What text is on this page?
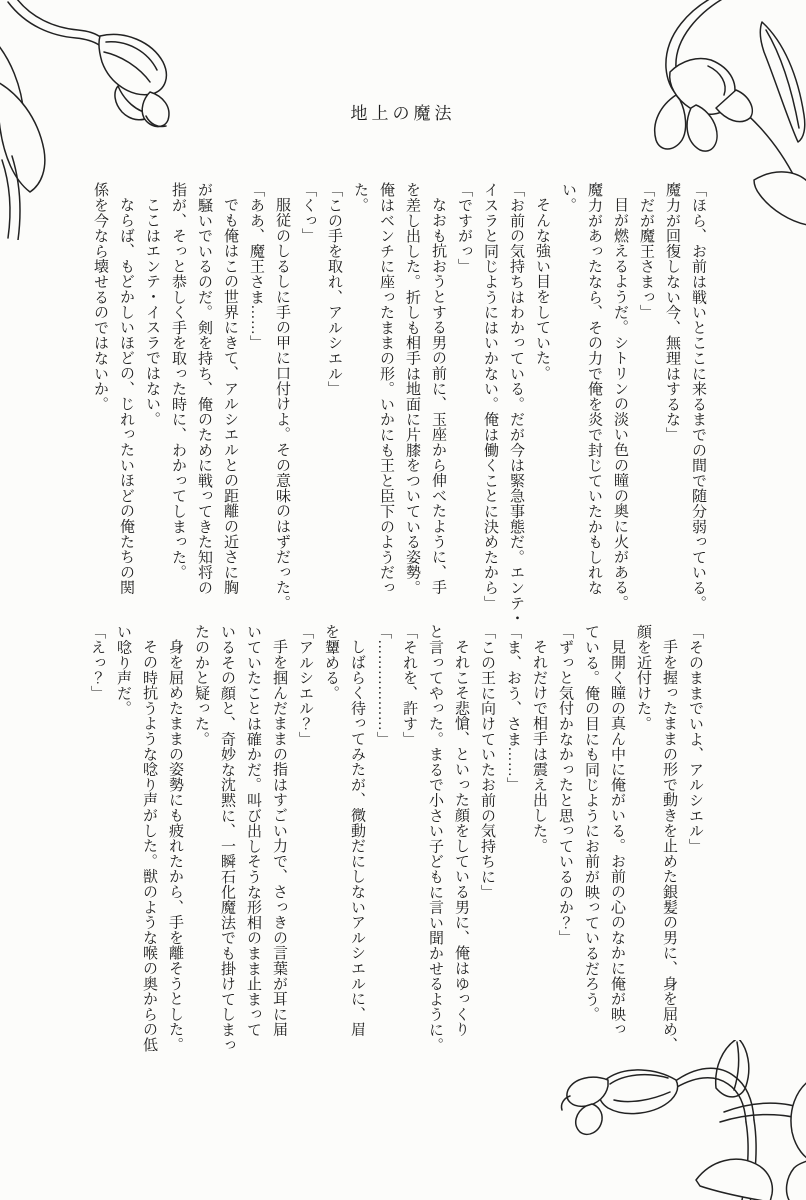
地上の魔法

「ほら、お前は戦いとここに来るまでの間で随分弱っている。

魔力が回復しない今、無理はするな」

「だが魔王さまっ」

目が燃えるようだ。シトリンの淡い色の瞳の奥に火がある。

魔力があったなら、その力で俺を炎で封じていたかもしれな

い。

そんな強い目をしていた。

「お前の気持ちはわかっている。だが今は緊急事態だ。エンテ・

イスラと同じようにはいかない。俺は働くことに決めたから」

「ですがっ」

なおも抗おうとする男の前に、玉座から伸べたように、手

を差し出した。折しも相手は地面に片膝をついている姿勢。

俺はベンチに座ったままの形。いかにも王と臣下のようだっ

た。

「この手を取れ、アルシエル」

「くっ」

服従のしるしに手の甲に口付けよ。その意味のはずだった。

「ああ、魔王さま……」

でも俺はこの世界にきて、アルシエルとの距離の近さに胸

が騒いでいるのだ。剣を持ち、俺のために戦ってきた知将の

指が、そっと恭しく手を取った時に、わかってしまった。

ここはエンテ・イスラではない。

ならば、もどかしいほどの、じれったいほどの俺たちの関

係を今なら壊せるのではないか。

「そのままでいよ、アルシエル」

手を握ったままの形で動きを止めた銀髪の男に、身を屈め、

顔を近付けた。

見開く瞳の真ん中に俺がいる。お前の心のなかに俺が映っ

ている。俺の目にも同じようにお前が映っているだろう。

「ずっと気付かなかったと思っているのか？」

それだけで相手は震え出した。

「ま、おう、さま……」

「この王に向けていたお前の気持ちに」

それこそ悲愴、といった顔をしている男に、俺はゆっくり

と言ってやった。まるで小さい子どもに言い聞かせるように。

「それを、許す」

「………………」

しばらく待ってみたが、微動だにしないアルシエルに、眉

を顰める。

「アルシエル？」

手を掴んだままの指はすごい力で、さっきの言葉が耳に届

いていたことは確かだ。叫び出しそうな形相のまま止まって

いるその顔と、奇妙な沈黙に、一瞬石化魔法でも掛けてしまっ

たのかと疑った。

身を屈めたままの姿勢にも疲れたから、手を離そうとした。

その時抗うような唸り声がした。獣のような喉の奥からの低

い唸り声だ。

「えっ？」
